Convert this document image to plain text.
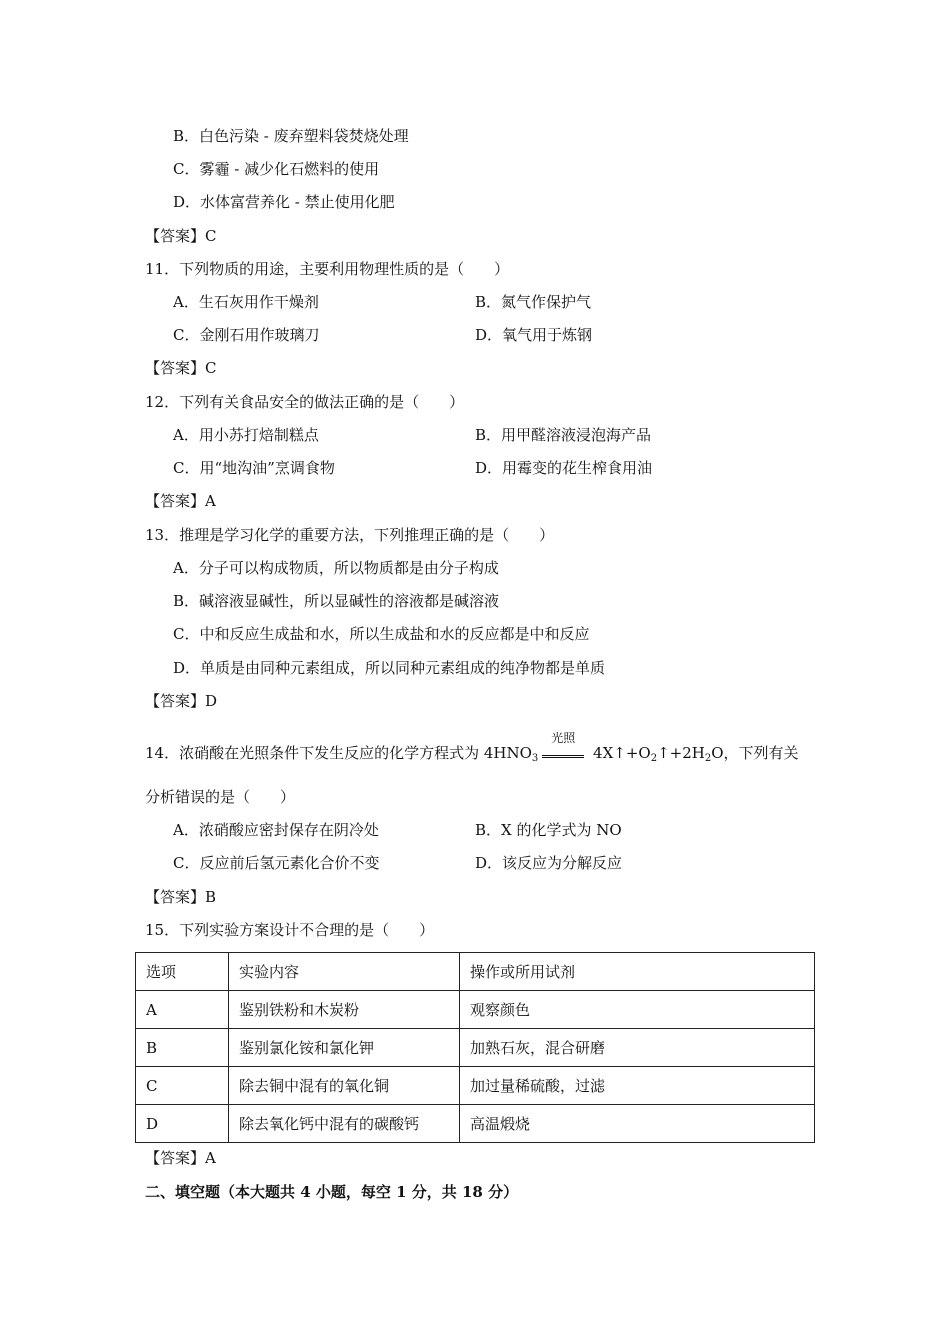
B．白色污染 - 废弃塑料袋焚烧处理
C．雾霾 - 减少化石燃料的使用
D．水体富营养化 - 禁止使用化肥
【答案】C
11．下列物质的用途，主要利用物理性质的是（　　）
A．生石灰用作干燥剂	B．氮气作保护气
C．金刚石用作玻璃刀	D．氧气用于炼钢
【答案】C
12．下列有关食品安全的做法正确的是（　　）
A．用小苏打焙制糕点	B．用甲醛溶液浸泡海产品
C．用“地沟油”烹调食物	D．用霉变的花生榨食用油
【答案】A
13．推理是学习化学的重要方法，下列推理正确的是（　　）
A．分子可以构成物质，所以物质都是由分子构成
B．碱溶液显碱性，所以显碱性的溶液都是碱溶液
C．中和反应生成盐和水，所以生成盐和水的反应都是中和反应
D．单质是由同种元素组成，所以同种元素组成的纯净物都是单质
【答案】D
14．浓硝酸在光照条件下发生反应的化学方程式为 $4HNO_3$
光照
$4X↑+O_2↑+2H_2O$，下列有关
分析错误的是（　　）
A．浓硝酸应密封保存在阴冷处	B．X 的化学式为 NO
C．反应前后氢元素化合价不变	D．该反应为分解反应
【答案】B
15．下列实验方案设计不合理的是（　　）
选项	实验内容	操作或所用试剂
A	鉴别铁粉和木炭粉	观察颜色
B	鉴别氯化铵和氯化钾	加熟石灰，混合研磨
C	除去铜中混有的氧化铜	加过量稀硫酸，过滤
D	除去氧化钙中混有的碳酸钙	高温煅烧
【答案】A
二、填空题（本大题共 4 小题，每空 1 分，共 18 分）
